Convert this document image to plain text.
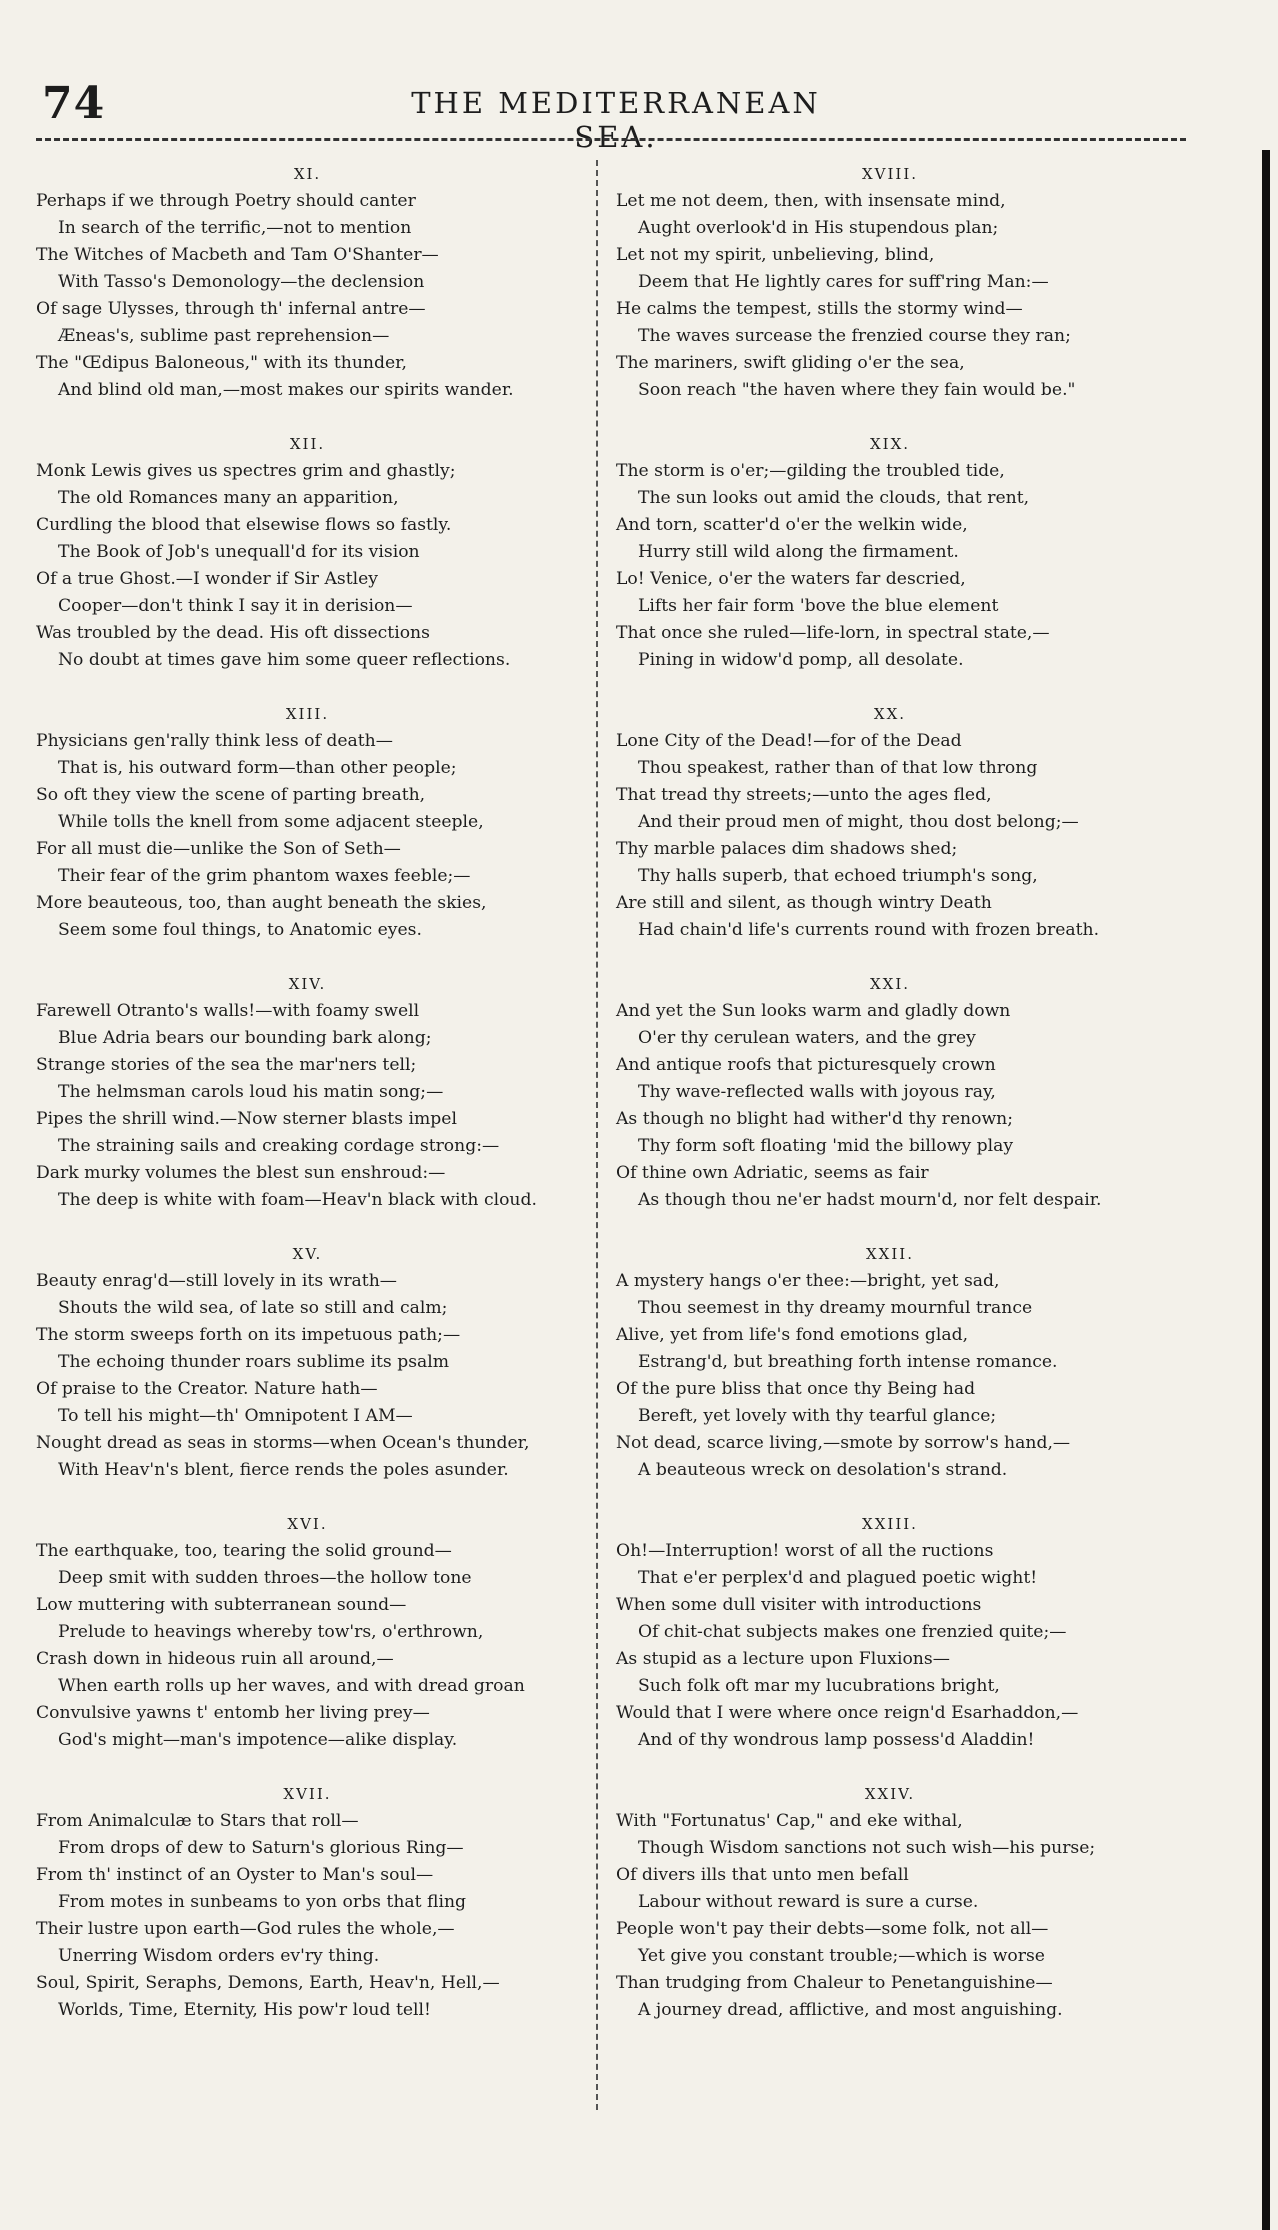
74	THE MEDITERRANEAN SEA.
XI.
Perhaps if we through Poetry should canter
In search of the terrific,—not to mention
The Witches of Macbeth and Tam O'Shanter—
With Tasso's Demonology—the declension
Of sage Ulysses, through th' infernal antre—
Æneas's, sublime past reprehension—
The "Œdipus Baloneous," with its thunder,
And blind old man,—most makes our spirits wander.
XII.
Monk Lewis gives us spectres grim and ghastly;
The old Romances many an apparition,
Curdling the blood that elsewise flows so fastly.
The Book of Job's unequall'd for its vision
Of a true Ghost.—I wonder if Sir Astley
Cooper—don't think I say it in derision—
Was troubled by the dead. His oft dissections
No doubt at times gave him some queer reflections.
XIII.
Physicians gen'rally think less of death—
That is, his outward form—than other people;
So oft they view the scene of parting breath,
While tolls the knell from some adjacent steeple,
For all must die—unlike the Son of Seth—
Their fear of the grim phantom waxes feeble;—
More beauteous, too, than aught beneath the skies,
Seem some foul things, to Anatomic eyes.
XIV.
Farewell Otranto's walls!—with foamy swell
Blue Adria bears our bounding bark along;
Strange stories of the sea the mar'ners tell;
The helmsman carols loud his matin song;—
Pipes the shrill wind.—Now sterner blasts impel
The straining sails and creaking cordage strong:—
Dark murky volumes the blest sun enshroud:—
The deep is white with foam—Heav'n black with cloud.
XV.
Beauty enrag'd—still lovely in its wrath—
Shouts the wild sea, of late so still and calm;
The storm sweeps forth on its impetuous path;—
The echoing thunder roars sublime its psalm
Of praise to the Creator. Nature hath—
To tell his might—th' Omnipotent I AM—
Nought dread as seas in storms—when Ocean's thunder,
With Heav'n's blent, fierce rends the poles asunder.
XVI.
The earthquake, too, tearing the solid ground—
Deep smit with sudden throes—the hollow tone
Low muttering with subterranean sound—
Prelude to heavings whereby tow'rs, o'erthrown,
Crash down in hideous ruin all around,—
When earth rolls up her waves, and with dread groan
Convulsive yawns t' entomb her living prey—
God's might—man's impotence—alike display.
XVII.
From Animalculæ to Stars that roll—
From drops of dew to Saturn's glorious Ring—
From th' instinct of an Oyster to Man's soul—
From motes in sunbeams to yon orbs that fling
Their lustre upon earth—God rules the whole,—
Unerring Wisdom orders ev'ry thing.
Soul, Spirit, Seraphs, Demons, Earth, Heav'n, Hell,—
Worlds, Time, Eternity, His pow'r loud tell!
XVIII.
Let me not deem, then, with insensate mind,
Aught overlook'd in His stupendous plan;
Let not my spirit, unbelieving, blind,
Deem that He lightly cares for suff'ring Man:—
He calms the tempest, stills the stormy wind—
The waves surcease the frenzied course they ran;
The mariners, swift gliding o'er the sea,
Soon reach "the haven where they fain would be."
XIX.
The storm is o'er;—gilding the troubled tide,
The sun looks out amid the clouds, that rent,
And torn, scatter'd o'er the welkin wide,
Hurry still wild along the firmament.
Lo! Venice, o'er the waters far descried,
Lifts her fair form 'bove the blue element
That once she ruled—life-lorn, in spectral state,—
Pining in widow'd pomp, all desolate.
XX.
Lone City of the Dead!—for of the Dead
Thou speakest, rather than of that low throng
That tread thy streets;—unto the ages fled,
And their proud men of might, thou dost belong;—
Thy marble palaces dim shadows shed;
Thy halls superb, that echoed triumph's song,
Are still and silent, as though wintry Death
Had chain'd life's currents round with frozen breath.
XXI.
And yet the Sun looks warm and gladly down
O'er thy cerulean waters, and the grey
And antique roofs that picturesquely crown
Thy wave-reflected walls with joyous ray,
As though no blight had wither'd thy renown;
Thy form soft floating 'mid the billowy play
Of thine own Adriatic, seems as fair
As though thou ne'er hadst mourn'd, nor felt despair.
XXII.
A mystery hangs o'er thee:—bright, yet sad,
Thou seemest in thy dreamy mournful trance
Alive, yet from life's fond emotions glad,
Estrang'd, but breathing forth intense romance.
Of the pure bliss that once thy Being had
Bereft, yet lovely with thy tearful glance;
Not dead, scarce living,—smote by sorrow's hand,—
A beauteous wreck on desolation's strand.
XXIII.
Oh!—Interruption! worst of all the ructions
That e'er perplex'd and plagued poetic wight!
When some dull visiter with introductions
Of chit-chat subjects makes one frenzied quite;—
As stupid as a lecture upon Fluxions—
Such folk oft mar my lucubrations bright,
Would that I were where once reign'd Esarhaddon,—
And of thy wondrous lamp possess'd Aladdin!
XXIV.
With "Fortunatus' Cap," and eke withal,
Though Wisdom sanctions not such wish—his purse;
Of divers ills that unto men befall
Labour without reward is sure a curse.
People won't pay their debts—some folk, not all—
Yet give you constant trouble;—which is worse
Than trudging from Chaleur to Penetanguishine—
A journey dread, afflictive, and most anguishing.
